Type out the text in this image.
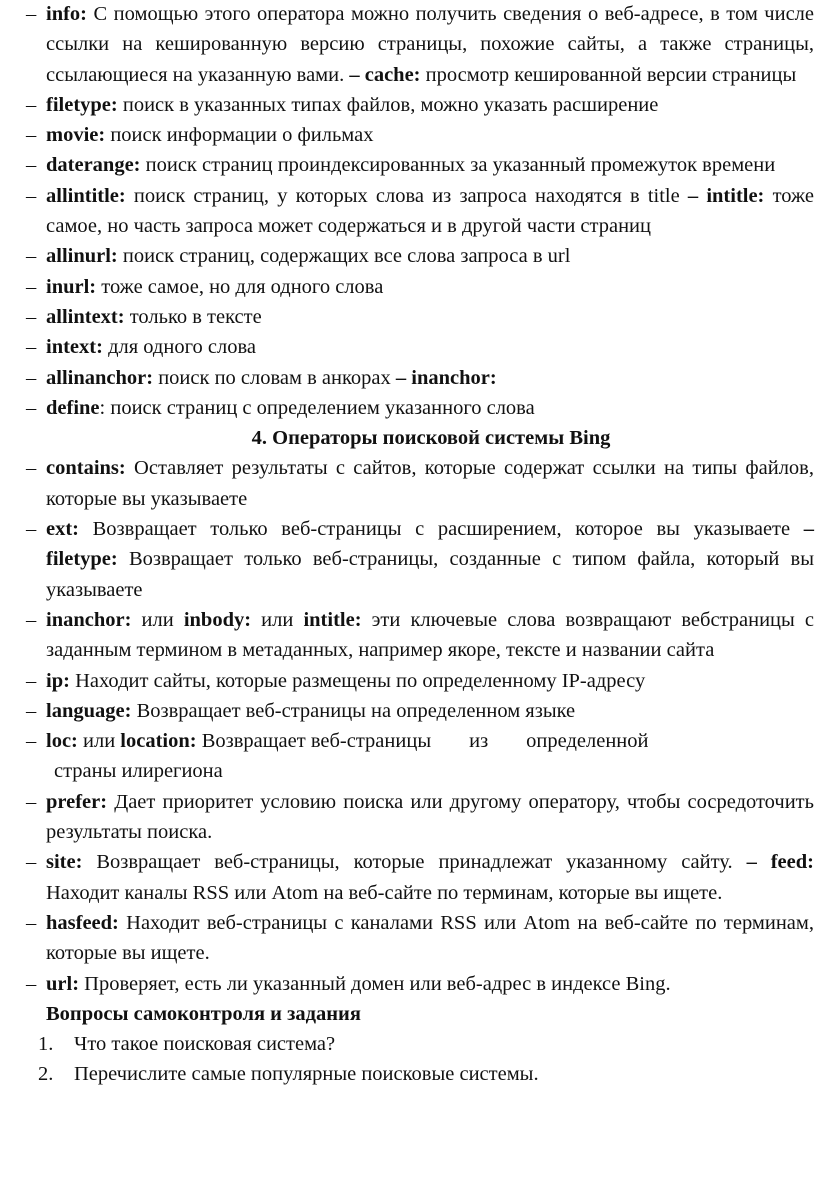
– info: С помощью этого оператора можно получить сведения о веб-адресе, в том числе ссылки на кешированную версию страницы, похожие сайты, а также страницы, ссылающиеся на указанную вами. – cache: просмотр кешированной версии страницы
– filetype: поиск в указанных типах файлов, можно указать расширение
– movie: поиск информации о фильмах
– daterange: поиск страниц проиндексированных за указанный промежуток времени
– allintitle: поиск страниц, у которых слова из запроса находятся в title – intitle: тоже самое, но часть запроса может содержаться и в другой части страниц
– allinurl: поиск страниц, содержащих все слова запроса в url
– inurl: тоже самое, но для одного слова
– allintext: только в тексте
– intext: для одного слова
– allinanchor: поиск по словам в анкорах – inanchor:
– define: поиск страниц с определением указанного слова
4. Операторы поисковой системы Bing
– contains: Оставляет результаты с сайтов, которые содержат ссылки на типы файлов, которые вы указываете
– ext: Возвращает только веб-страницы с расширением, которое вы указываете – filetype: Возвращает только веб-страницы, созданные с типом файла, который вы указываете
– inanchor: или inbody: или intitle: эти ключевые слова возвращают вебстраницы с заданным термином в метаданных, например якоре, тексте и названии сайта
– ip: Находит сайты, которые размещены по определенному IP-адресу
– language: Возвращает веб-страницы на определенном языке
– loc: или location: Возвращает веб-страницы из определенной
страны илирегиона
– prefer: Дает приоритет условию поиска или другому оператору, чтобы сосредоточить результаты поиска.
– site: Возвращает веб-страницы, которые принадлежат указанному сайту. – feed: Находит каналы RSS или Atom на веб-сайте по терминам, которые вы ищете.
– hasfeed: Находит веб-страницы с каналами RSS или Atom на веб-сайте по терминам, которые вы ищете.
– url: Проверяет, есть ли указанный домен или веб-адрес в индексе Bing.
Вопросы самоконтроля и задания
1. Что такое поисковая система?
2. Перечислите самые популярные поисковые системы.
